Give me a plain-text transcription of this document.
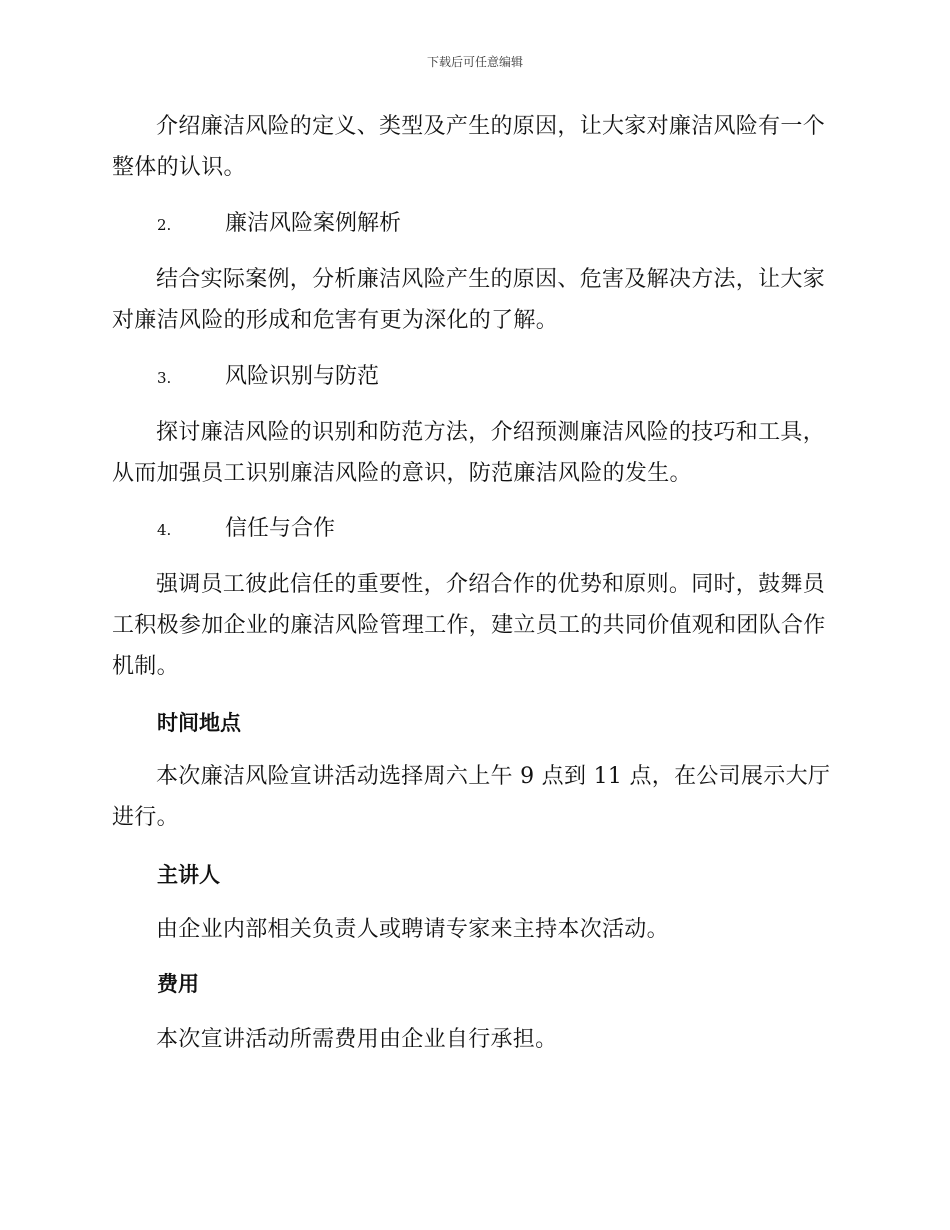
下载后可任意编辑

介绍廉洁风险的定义、类型及产生的原因，让大家对廉洁风险有一个整体的认识。

2. 廉洁风险案例解析

结合实际案例，分析廉洁风险产生的原因、危害及解决方法，让大家对廉洁风险的形成和危害有更为深化的了解。

3. 风险识别与防范

探讨廉洁风险的识别和防范方法，介绍预测廉洁风险的技巧和工具，从而加强员工识别廉洁风险的意识，防范廉洁风险的发生。

4. 信任与合作

强调员工彼此信任的重要性，介绍合作的优势和原则。同时，鼓舞员工积极参加企业的廉洁风险管理工作，建立员工的共同价值观和团队合作机制。

时间地点

本次廉洁风险宣讲活动选择周六上午 9 点到 11 点，在公司展示大厅进行。

主讲人

由企业内部相关负责人或聘请专家来主持本次活动。

费用

本次宣讲活动所需费用由企业自行承担。
